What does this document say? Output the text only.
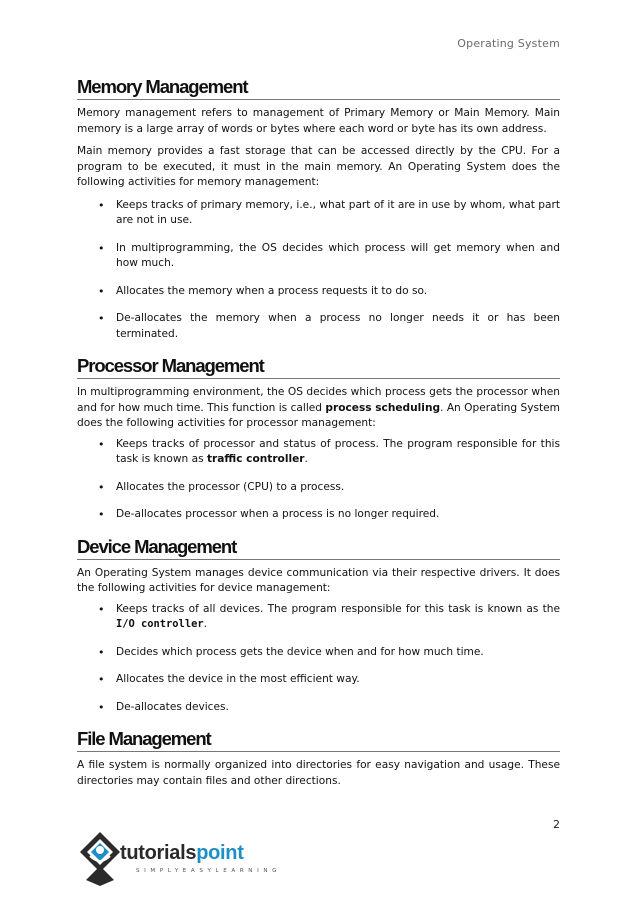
Operating System
Memory Management

Memory management refers to management of Primary Memory or Main Memory. Main memory is a large array of words or bytes where each word or byte has its own address.

Main memory provides a fast storage that can be accessed directly by the CPU. For a program to be executed, it must in the main memory. An Operating System does the following activities for memory management:

• Keeps tracks of primary memory, i.e., what part of it are in use by whom, what part are not in use.
• In multiprogramming, the OS decides which process will get memory when and how much.
• Allocates the memory when a process requests it to do so.
• De-allocates the memory when a process no longer needs it or has been terminated.
Processor Management

In multiprogramming environment, the OS decides which process gets the processor when and for how much time. This function is called process scheduling. An Operating System does the following activities for processor management:

• Keeps tracks of processor and status of process. The program responsible for this task is known as traffic controller.
• Allocates the processor (CPU) to a process.
• De-allocates processor when a process is no longer required.
Device Management

An Operating System manages device communication via their respective drivers. It does the following activities for device management:

• Keeps tracks of all devices. The program responsible for this task is known as the I/O controller.
• Decides which process gets the device when and for how much time.
• Allocates the device in the most efficient way.
• De-allocates devices.
File Management

A file system is normally organized into directories for easy navigation and usage. These directories may contain files and other directions.

2
tutorialspoint
SIMPLYEASYLEARNING
